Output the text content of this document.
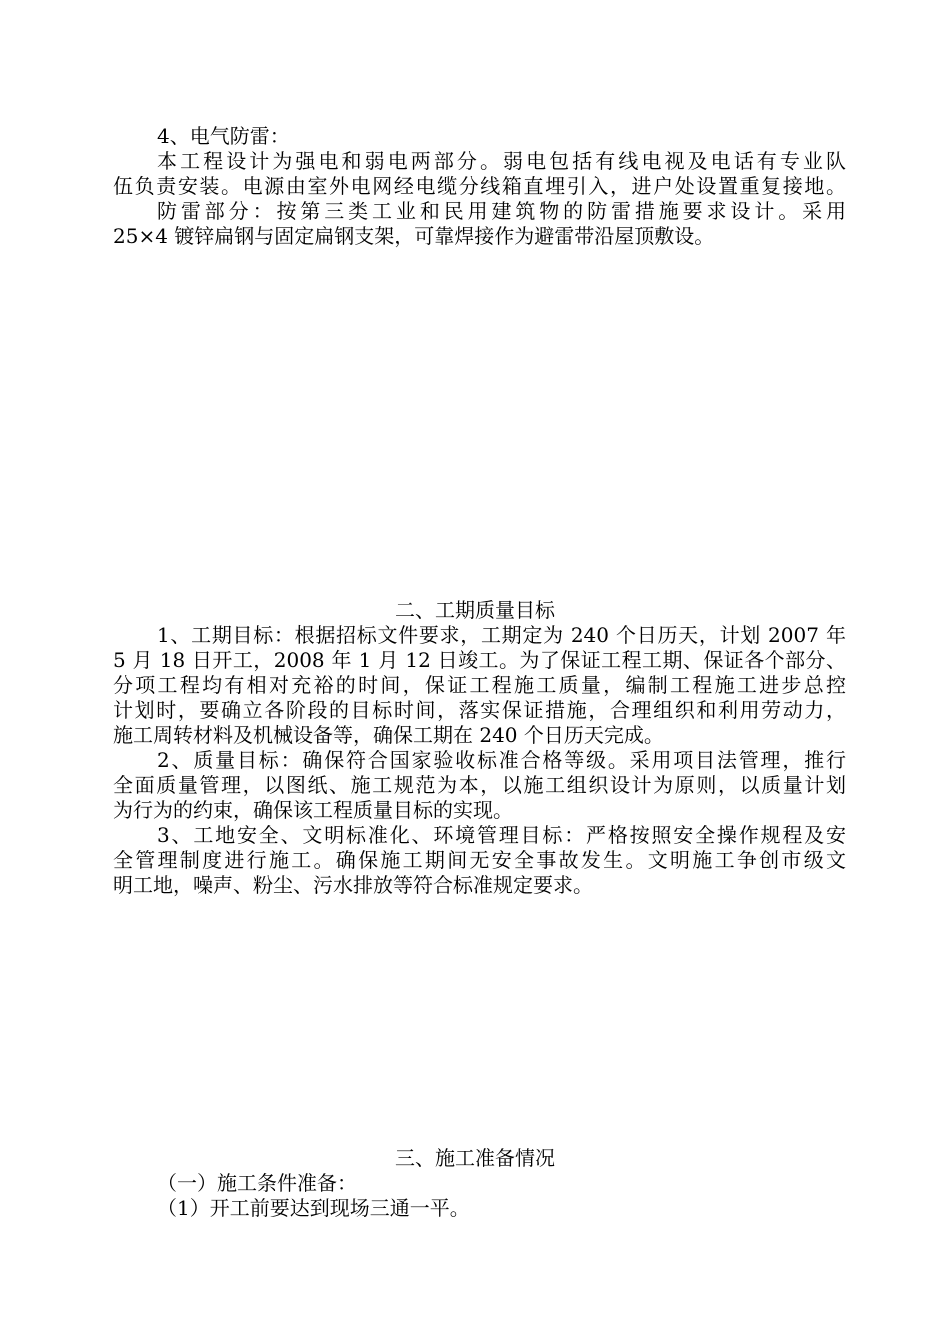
4、电气防雷：
本工程设计为强电和弱电两部分。弱电包括有线电视及电话有专业队
伍负责安装。电源由室外电网经电缆分线箱直埋引入，进户处设置重复接地。
防雷部分：按第三类工业和民用建筑物的防雷措施要求设计。采用
25×4 镀锌扁钢与固定扁钢支架，可靠焊接作为避雷带沿屋顶敷设。
二、工期质量目标
1、工期目标：根据招标文件要求，工期定为 240 个日历天，计划 2007 年
5 月 18 日开工，2008 年 1 月 12 日竣工。为了保证工程工期、保证各个部分、
分项工程均有相对充裕的时间，保证工程施工质量，编制工程施工进步总控
计划时，要确立各阶段的目标时间，落实保证措施，合理组织和利用劳动力，
施工周转材料及机械设备等，确保工期在 240 个日历天完成。
2、质量目标：确保符合国家验收标准合格等级。采用项目法管理，推行
全面质量管理，以图纸、施工规范为本，以施工组织设计为原则，以质量计划
为行为的约束，确保该工程质量目标的实现。
3、工地安全、文明标准化、环境管理目标：严格按照安全操作规程及安
全管理制度进行施工。确保施工期间无安全事故发生。文明施工争创市级文
明工地，噪声、粉尘、污水排放等符合标准规定要求。
三、施工准备情况
（一）施工条件准备：
（1）开工前要达到现场三通一平。
